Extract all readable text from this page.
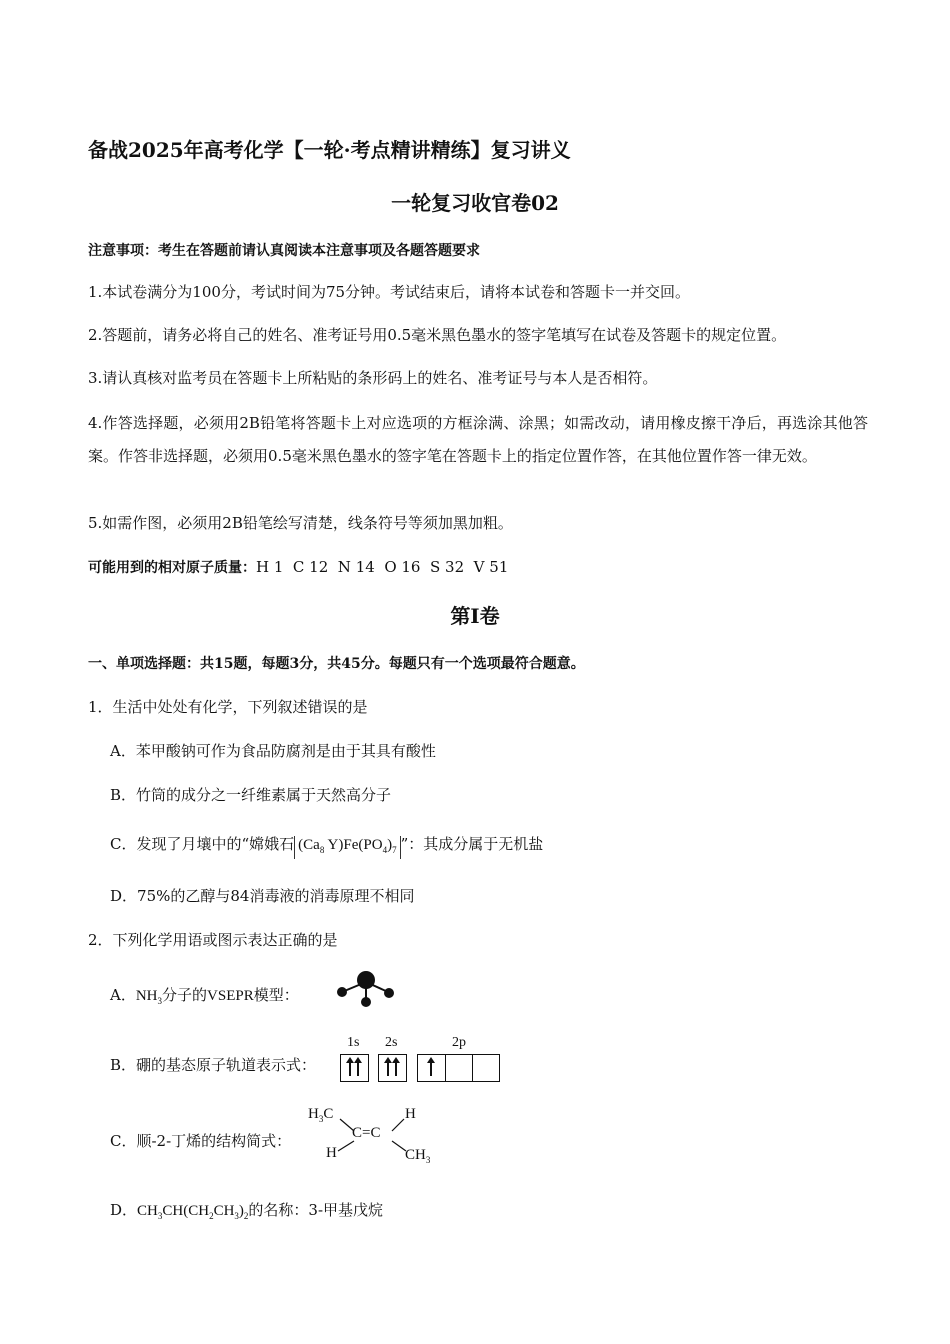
备战2025年高考化学【一轮·考点精讲精练】复习讲义
一轮复习收官卷02
注意事项：考生在答题前请认真阅读本注意事项及各题答题要求
1.本试卷满分为100分，考试时间为75分钟。考试结束后，请将本试卷和答题卡一并交回。
2.答题前，请务必将自己的姓名、准考证号用0.5毫米黑色墨水的签字笔填写在试卷及答题卡的规定位置。
3.请认真核对监考员在答题卡上所粘贴的条形码上的姓名、准考证号与本人是否相符。
4.作答选择题，必须用2B铅笔将答题卡上对应选项的方框涂满、涂黑；如需改动，请用橡皮擦干净后，再选涂其他答案。作答非选择题，必须用0.5毫米黑色墨水的签字笔在答题卡上的指定位置作答，在其他位置作答一律无效。
5.如需作图，必须用2B铅笔绘写清楚，线条符号等须加黑加粗。
可能用到的相对原子质量：H 1  C 12  N 14  O 16  S 32  V 51
第Ⅰ卷
一、单项选择题：共15题，每题3分，共45分。每题只有一个选项最符合题意。
1．生活中处处有化学，下列叙述错误的是
A．苯甲酸钠可作为食品防腐剂是由于其具有酸性
B．竹筒的成分之一纤维素属于天然高分子
C．发现了月壤中的“嫦娥石 ($Ca_8$ $Y)Fe(PO_4)_7$ ”：其成分属于无机盐
D．75%的乙醇与84消毒液的消毒原理不相同
2．下列化学用语或图示表达正确的是
A．$NH_3$分子的VSEPR模型：
B．硼的基态原子轨道表示式：
1s 2s	2p
C．顺-2-丁烯的结构简式：
$H_3C$	H
C=C
H	$CH_3$
D．$CH_3CH(CH_2CH_3)_2$的名称：3-甲基戊烷
